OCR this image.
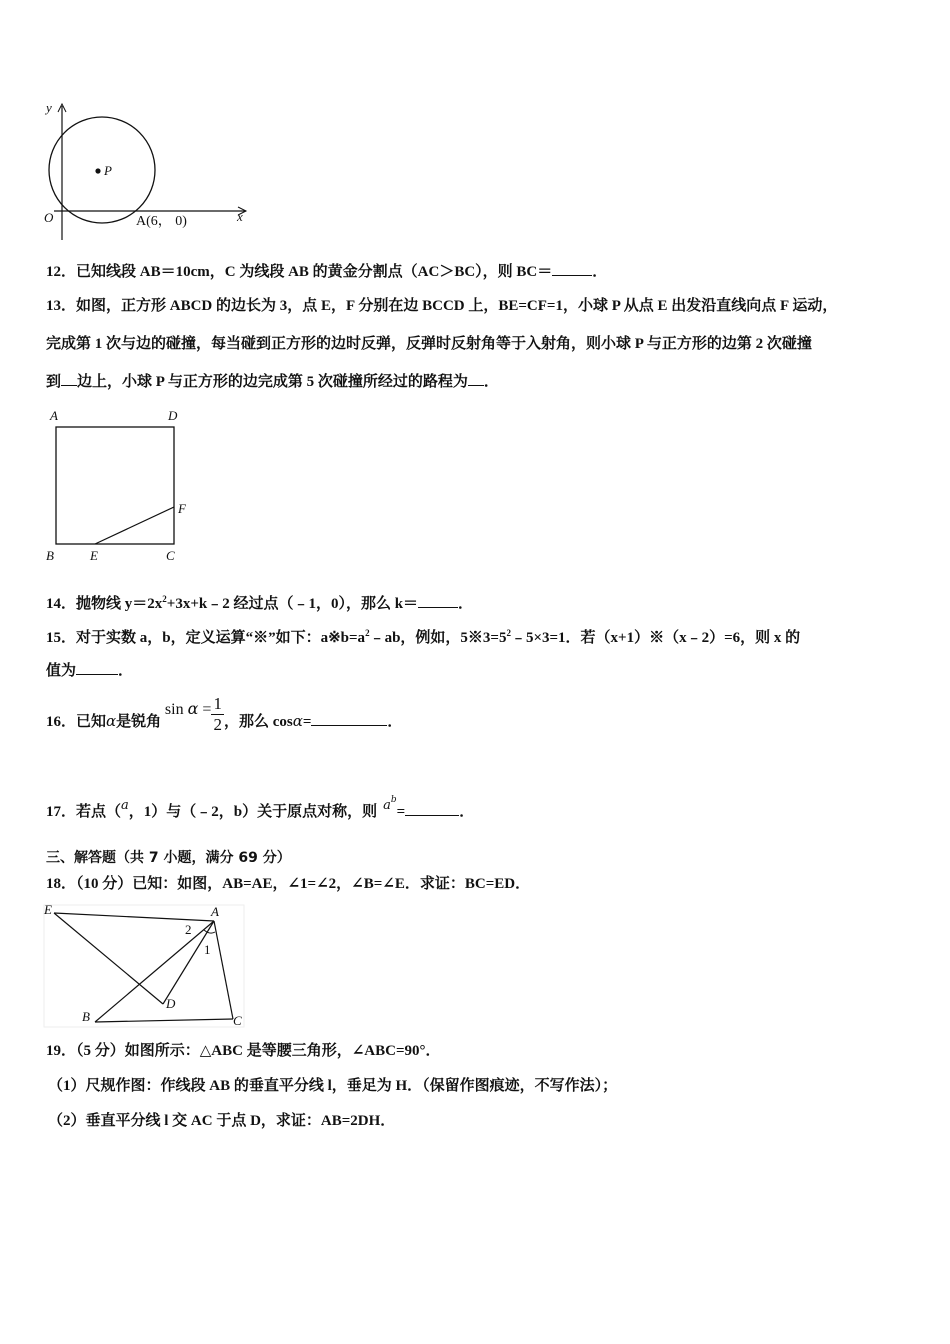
y
x
O
P
A(6， 0)
12．已知线段 AB＝10cm，C 为线段 AB 的黄金分割点（AC＞BC），则 BC＝	．
13．如图，正方形 ABCD 的边长为 3，点 E，F 分别在边 BCCD 上，BE=CF=1，小球 P 从点 E 出发沿直线向点 F 运动，
完成第 1 次与边的碰撞，每当碰到正方形的边时反弹，反弹时反射角等于入射角，则小球 P 与正方形的边第 2 次碰撞
到 边上，小球 P 与正方形的边完成第 5 次碰撞所经过的路程为 ．
A	D
F
B	E	C
14．抛物线 $y=2x^2+3x+k﹣2$ 经过点（﹣1，0），那么 k＝	．
15．对于实数 a，b，定义运算“※”如下：$a※b=a^2﹣ab$，例如，$5※3=5^2﹣5\times 3=1$．若（x+1）※（x﹣2）=6，则 x 的
值为	．
16．已知α是锐角 $\sin \alpha = \frac{1}{2}$ ，那么 cosα=	．
17．若点（a，1）与（﹣2，b）关于原点对称，则 $a^b=$	．
三、解答题（共 7 小题，满分 69 分）
18．（10 分）已知：如图，AB=AE，∠1=∠2，∠B=∠E．求证：BC=ED．
E	A
2
1
D
B	C
19．（5 分）如图所示：△ABC 是等腰三角形，∠ABC=90°．
（1）尺规作图：作线段 AB 的垂直平分线 l，垂足为 H．（保留作图痕迹，不写作法）；
（2）垂直平分线 l 交 AC 于点 D，求证：AB=2DH．
